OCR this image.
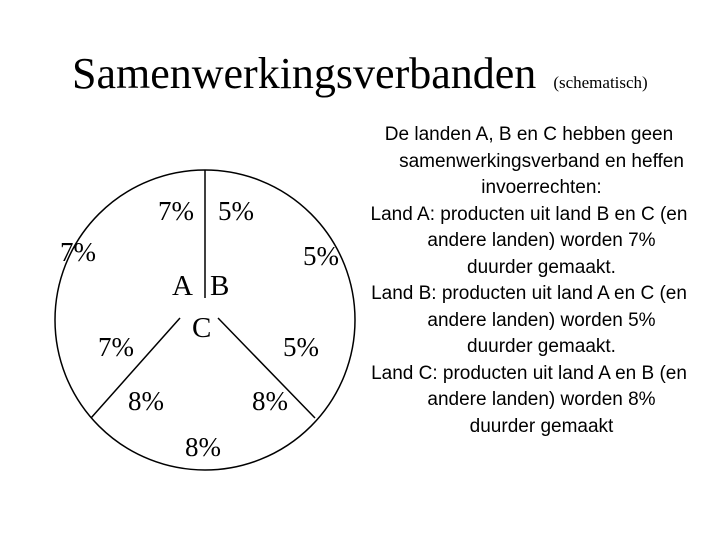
Samenwerkingsverbanden (schematisch)
7% 5%
7%	5%
A B
C
7%	5%
8%	8%
8%

De landen A, B en C hebben geen samenwerkingsverband en heffen invoerrechten:

Land A: producten uit land B en C (en andere landen) worden 7% duurder gemaakt.

Land B: producten uit land A en C (en andere landen) worden 5% duurder gemaakt.

Land C: producten uit land A en B (en andere landen) worden 8% duurder gemaakt
